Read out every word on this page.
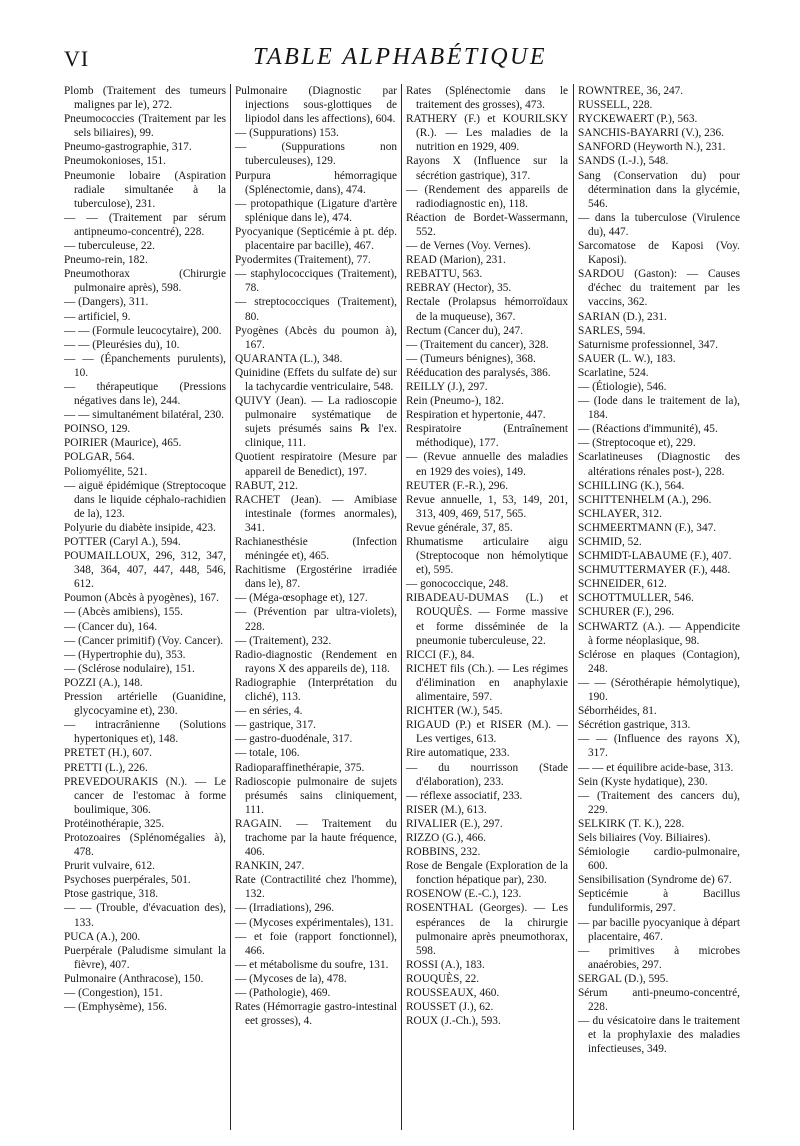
VI	TABLE ALPHABÉTIQUE

Plomb (Traitement des tumeurs malignes par le), 272.

Pneumococcies (Traitement par les sels biliaires), 99.

Pneumo-gastrographie, 317.

Pneumokonioses, 151.

Pneumonie lobaire (Aspiration radiale simultanée à la tuberculose), 231.

— — (Traitement par sérum antipneumo-concentré), 228.

— tuberculeuse, 22.

Pneumo-rein, 182.

Pneumothorax (Chirurgie pulmonaire après), 598.

— (Dangers), 311.

— artificiel, 9.

— — (Formule leucocytaire), 200.

— — (Pleurésies du), 10.

— — (Épanchements purulents), 10.

— thérapeutique (Pressions négatives dans le), 244.

— — simultanément bilatéral, 230.

POINSO, 129.

POIRIER (Maurice), 465.

POLGAR, 564.

Poliomyélite, 521.

— aiguë épidémique (Streptocoque dans le liquide céphalo-rachidien de la), 123.

Polyurie du diabète insipide, 423.

POTTER (Caryl A.), 594.

POUMAILLOUX, 296, 312, 347, 348, 364, 407, 447, 448, 546, 612.

Poumon (Abcès à pyogènes), 167.

— (Abcès amibiens), 155.

— (Cancer du), 164.

— (Cancer primitif) (Voy. Cancer).

— (Hypertrophie du), 353.

— (Sclérose nodulaire), 151.

POZZI (A.), 148.

Pression artérielle (Guanidine, glycocyamine et), 230.

— intracrânienne (Solutions hypertoniques et), 148.

PRETET (H.), 607.

PRETTI (L.), 226.

PREVEDOURAKIS (N.). — Le cancer de l'estomac à forme boulimique, 306.

Protéinothérapie, 325.

Protozoaires (Splénomégalies à), 478.

Prurit vulvaire, 612.

Psychoses puerpérales, 501.

Ptose gastrique, 318.

— — (Trouble, d'évacuation des), 133.

PUCA (A.), 200.

Puerpérale (Paludisme simulant la fièvre), 407.

Pulmonaire (Anthracose), 150.

— (Congestion), 151.

— (Emphysème), 156.

Pulmonaire (Diagnostic par injections sous-glottiques de lipiodol dans les affections), 604.

— (Suppurations) 153.

— (Suppurations non tuberculeuses), 129.

Purpura hémorragique (Splénectomie, dans), 474.

— protopathique (Ligature d'artère splénique dans le), 474.

Pyocyanique (Septicémie à pt. dép. placentaire par bacille), 467.

Pyodermites (Traitement), 77.

— staphylococciques (Traitement), 78.

— streptococciques (Traitement), 80.

Pyogènes (Abcès du poumon à), 167.

QUARANTA (L.), 348.

Quinidine (Effets du sulfate de) sur la tachycardie ventriculaire, 548.

QUIVY (Jean). — La radioscopie pulmonaire systématique de sujets présumés sains ℞ l'ex. clinique, 111.

Quotient respiratoire (Mesure par appareil de Benedict), 197.

RABUT, 212.

RACHET (Jean). — Amibiase intestinale (formes anormales), 341.

Rachianesthésie (Infection méningée et), 465.

Rachitisme (Ergostérine irradiée dans le), 87.

— (Méga-œsophage et), 127.

— (Prévention par ultra-violets), 228.

— (Traitement), 232.

Radio-diagnostic (Rendement en rayons X des appareils de), 118.

Radiographie (Interprétation du cliché), 113.

— en séries, 4.

— gastrique, 317.

— gastro-duodénale, 317.

— totale, 106.

Radioparaffinethérapie, 375.

Radioscopie pulmonaire de sujets présumés sains cliniquement, 111.

RAGAIN. — Traitement du trachome par la haute fréquence, 406.

RANKIN, 247.

Rate (Contractilité chez l'homme), 132.

— (Irradiations), 296.

— (Mycoses expérimentales), 131.

— et foie (rapport fonctionnel), 466.

— et métabolisme du soufre, 131.

— (Mycoses de la), 478.

— (Pathologie), 469.

Rates (Hémorragie gastro-intestinal eet grosses), 4.

Rates (Splénectomie dans le traitement des grosses), 473.

RATHERY (F.) et KOURILSKY (R.). — Les maladies de la nutrition en 1929, 409.

Rayons X (Influence sur la sécrétion gastrique), 317.

— (Rendement des appareils de radiodiagnostic en), 118.

Réaction de Bordet-Wassermann, 552.

— de Vernes (Voy. Vernes).

READ (Marion), 231.

REBATTU, 563.

REBRAY (Hector), 35.

Rectale (Prolapsus hémorroïdaux de la muqueuse), 367.

Rectum (Cancer du), 247.

— (Traitement du cancer), 328.

— (Tumeurs bénignes), 368.

Rééducation des paralysés, 386.

REILLY (J.), 297.

Rein (Pneumo-), 182.

Respiration et hypertonie, 447.

Respiratoire (Entraînement méthodique), 177.

— (Revue annuelle des maladies en 1929 des voies), 149.

REUTER (F.-R.), 296.

Revue annuelle, 1, 53, 149, 201, 313, 409, 469, 517, 565.

Revue générale, 37, 85.

Rhumatisme articulaire aigu (Streptocoque non hémolytique et), 595.

— gonococcique, 248.

RIBADEAU-DUMAS (L.) et ROUQUÈS. — Forme massive et forme disséminée de la pneumonie tuberculeuse, 22.

RICCI (F.), 84.

RICHET fils (Ch.). — Les régimes d'élimination en anaphylaxie alimentaire, 597.

RICHTER (W.), 545.

RIGAUD (P.) et RISER (M.). — Les vertiges, 613.

Rire automatique, 233.

— du nourrisson (Stade d'élaboration), 233.

— réflexe associatif, 233.

RISER (M.), 613.

RIVALIER (E.), 297.

RIZZO (G.), 466.

ROBBINS, 232.

Rose de Bengale (Exploration de la fonction hépatique par), 230.

ROSENOW (E.-C.), 123.

ROSENTHAL (Georges). — Les espérances de la chirurgie pulmonaire après pneumothorax, 598.

ROSSI (A.), 183.

ROUQUÈS, 22.

ROUSSEAUX, 460.

ROUSSET (J.), 62.

ROUX (J.-Ch.), 593.

ROWNTREE, 36, 247.

RUSSELL, 228.

RYCKEWAERT (P.), 563.

SANCHIS-BAYARRI (V.), 236.

SANFORD (Heyworth N.), 231.

SANDS (I.-J.), 548.

Sang (Conservation du) pour détermination dans la glycémie, 546.

— dans la tuberculose (Virulence du), 447.

Sarcomatose de Kaposi (Voy. Kaposi).

SARDOU (Gaston): — Causes d'échec du traitement par les vaccins, 362.

SARIAN (D.), 231.

SARLES, 594.

Saturnisme professionnel, 347.

SAUER (L. W.), 183.

Scarlatine, 524.

— (Étiologie), 546.

— (Iode dans le traitement de la), 184.

— (Réactions d'immunité), 45.

— (Streptocoque et), 229.

Scarlatineuses (Diagnostic des altérations rénales post-), 228.

SCHILLING (K.), 564.

SCHITTENHELM (A.), 296.

SCHLAYER, 312.

SCHMEERTMANN (F.), 347.

SCHMID, 52.

SCHMIDT-LABAUME (F.), 407.

SCHMUTTERMAYER (F.), 448.

SCHNEIDER, 612.

SCHOTTMULLER, 546.

SCHURER (F.), 296.

SCHWARTZ (A.). — Appendicite à forme néoplasique, 98.

Sclérose en plaques (Contagion), 248.

— — (Sérothérapie hémolytique), 190.

Séborrhéides, 81.

Sécrétion gastrique, 313.

— — (Influence des rayons X), 317.

— — et équilibre acide-base, 313.

Sein (Kyste hydatique), 230.

— (Traitement des cancers du), 229.

SELKIRK (T. K.), 228.

Sels biliaires (Voy. Biliaires).

Sémiologie cardio-pulmonaire, 600.

Sensibilisation (Syndrome de) 67.

Septicémie à Bacillus funduliformis, 297.

— par bacille pyocyanique à départ placentaire, 467.

— primitives à microbes anaérobies, 297.

SERGAL (D.), 595.

Sérum anti-pneumo-concentré, 228.

— du vésicatoire dans le traitement et la prophylaxie des maladies infectieuses, 349.
